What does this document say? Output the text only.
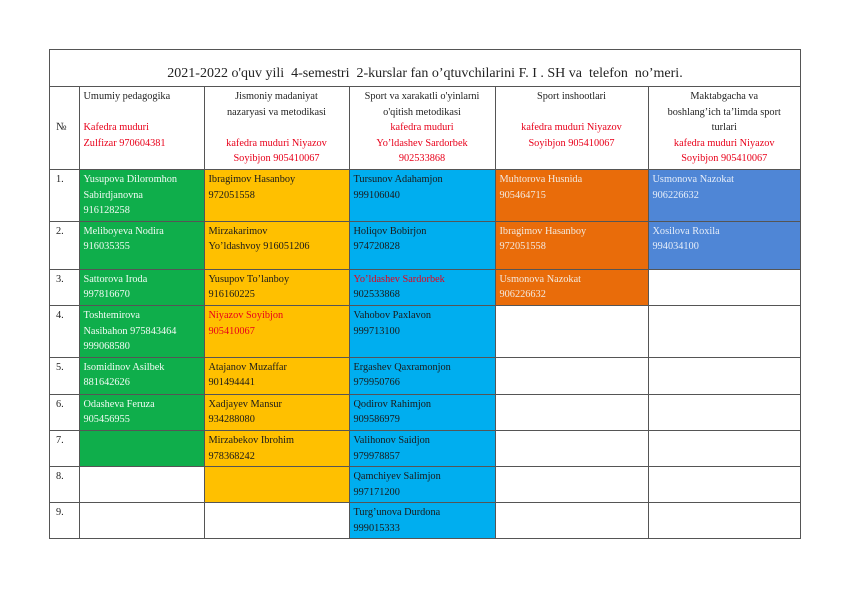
2021-2022 o'quv yili  4-semestri  2-kurslar fan o’qtuvchilarini F. I . SH va  telefon  no’meri.
№	Umumiy pedagogika

Kafedra muduri
Zulfizar 970604381	Jismoniy madaniyat
nazaryasi va metodikasi

kafedra muduri Niyazov
Soyibjon 905410067	Sport va xarakatli o'yinlarni
o'qitish metodikasi
kafedra muduri
Yo’ldashev Sardorbek
902533868	Sport inshootlari

kafedra muduri Niyazov
Soyibjon 905410067	Maktabgacha va
boshlang’ich ta’limda sport
turlari
kafedra muduri Niyazov
Soyibjon 905410067

1.	Yusupova Diloromhon
Sabirdjanovna
916128258	Ibragimov Hasanboy
972051558	Tursunov Adahamjon
999106040	Muhtorova Husnida
905464715	Usmonova Nazokat
906226632
2.	Meliboyeva Nodira
916035355	Mirzakarimov
Yo’ldashvoy 916051206	Holiqov Bobirjon
974720828	Ibragimov Hasanboy
972051558	Xosilova Roxila
994034100
3.	Sattorova Iroda
997816670	Yusupov To’lanboy
916160225	Yo’ldashev Sardorbek
902533868	Usmonova Nazokat
906226632	
4.	Toshtemirova
Nasibahon 975843464
999068580	Niyazov Soyibjon
905410067	Vahobov Paxlavon
999713100		
5.	Isomidinov Asilbek
881642626	Atajanov Muzaffar
901494441	Ergashev Qaxramonjon
979950766		
6.	Odasheva Feruza
905456955	Xadjayev Mansur
934288080	Qodirov Rahimjon
909586979		
7.		Mirzabekov Ibrohim
978368242	Valihonov Saidjon
979978857		
8.			Qamchiyev Salimjon
997171200		
9.			Turg’unova Durdona
999015333		
